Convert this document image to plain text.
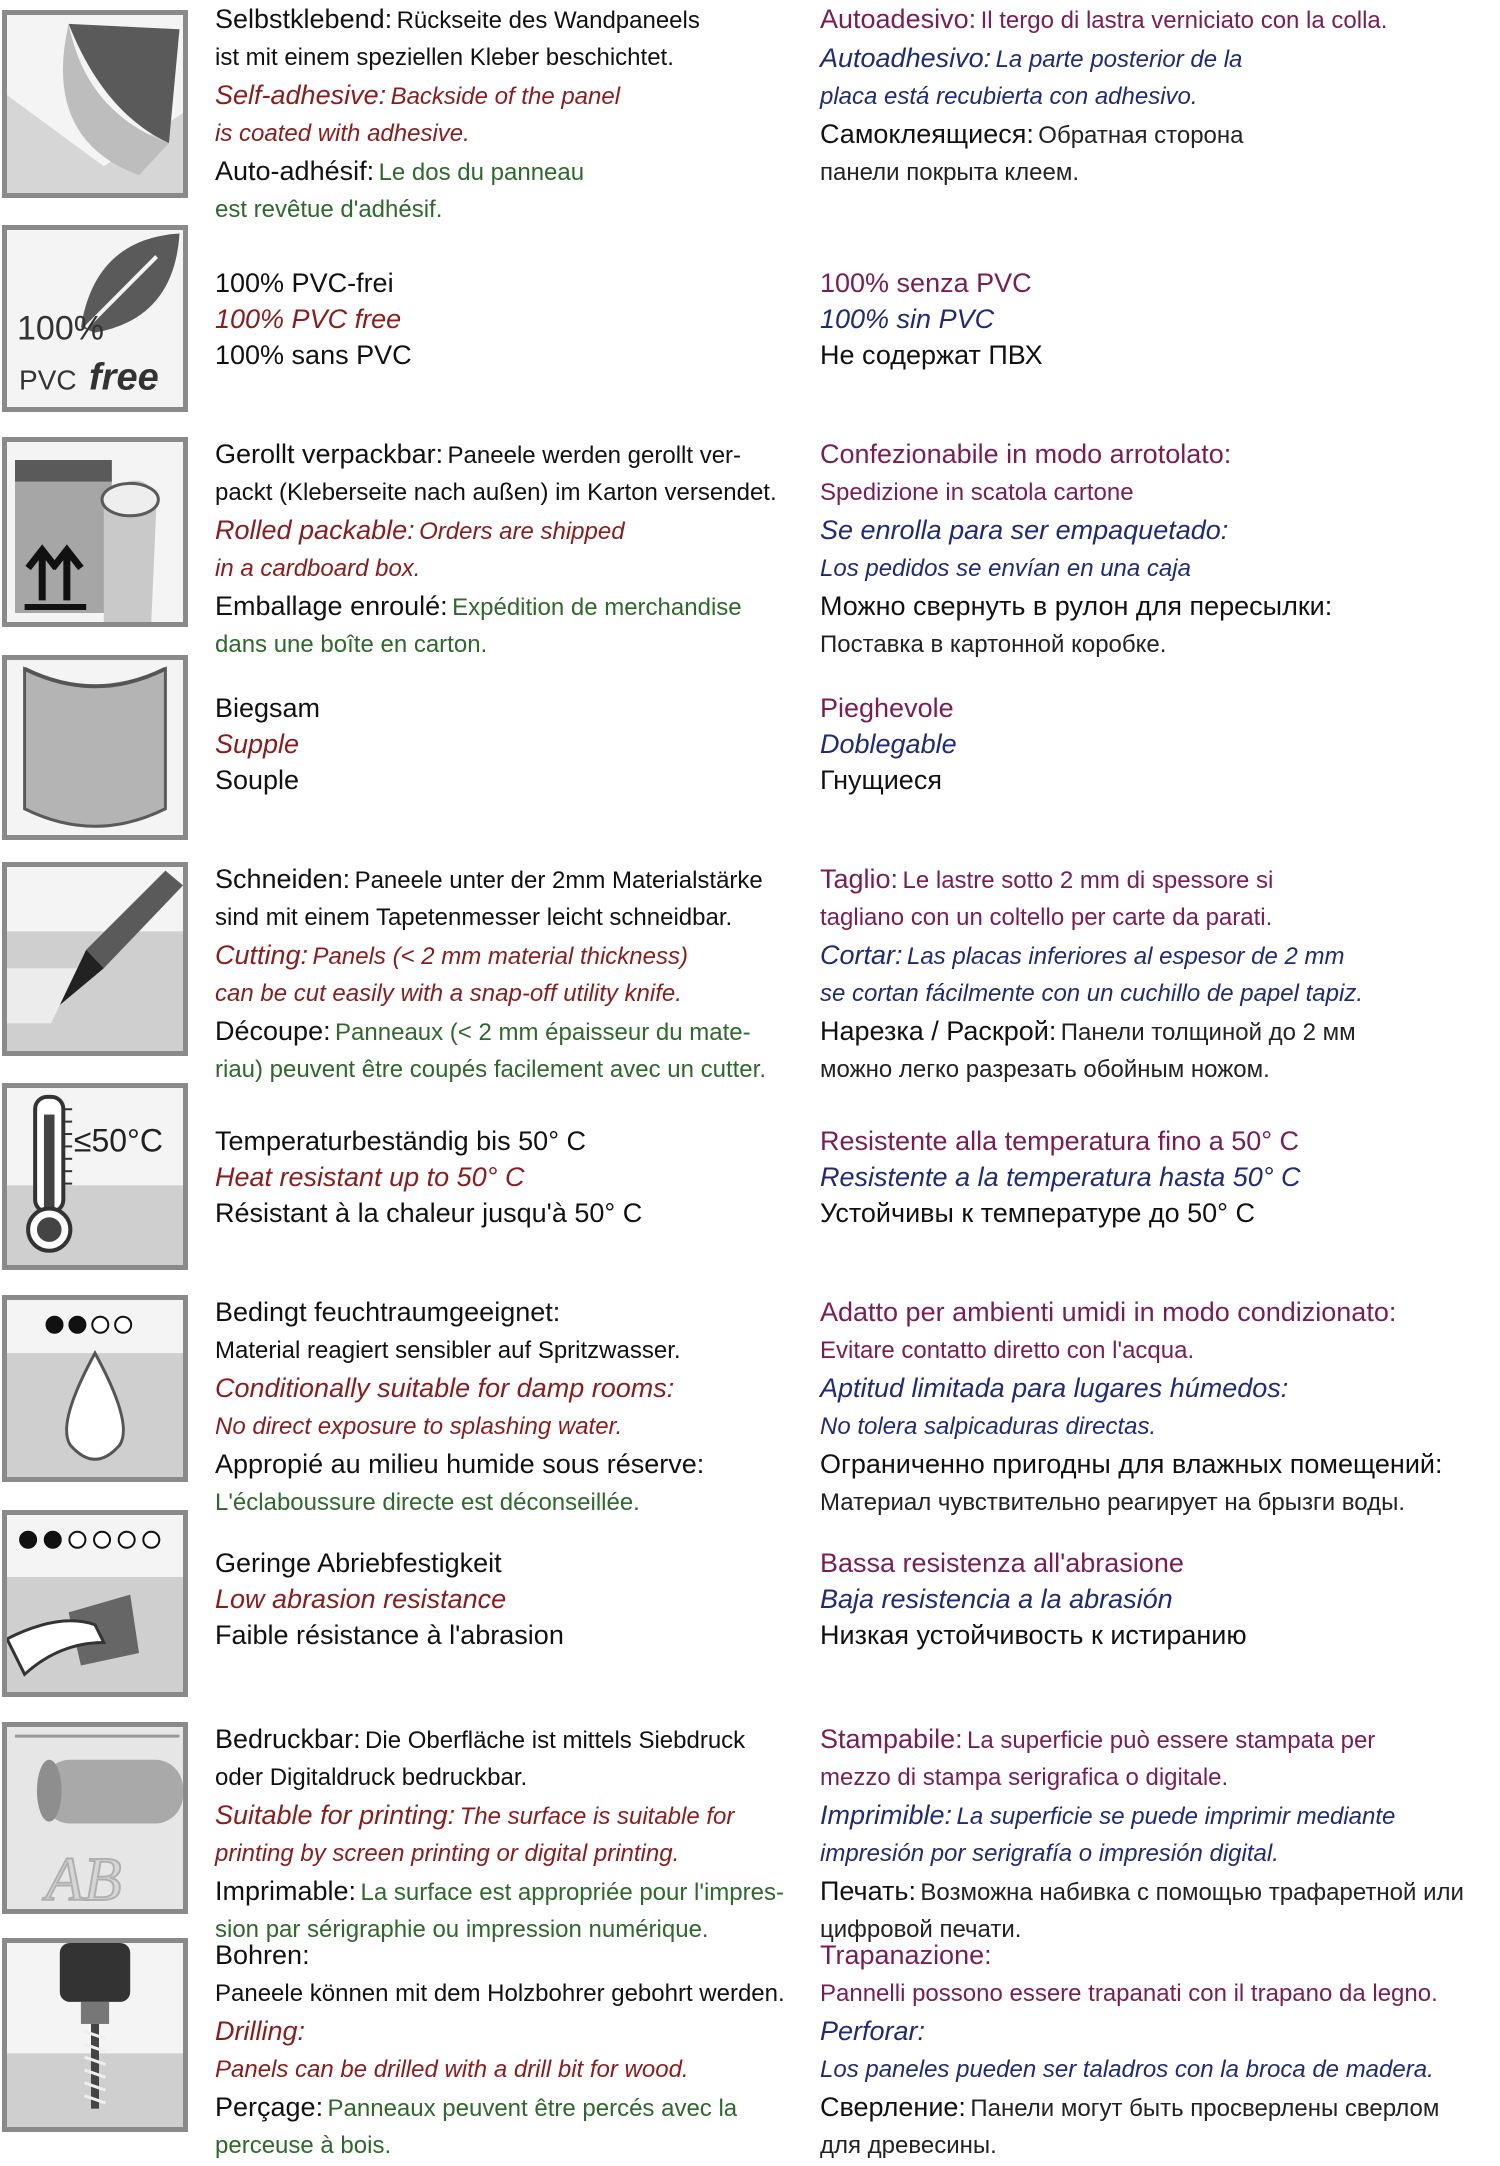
Selbstklebend: Rückseite des Wandpaneels
ist mit einem speziellen Kleber beschichtet.
Self-adhesive: Backside of the panel
is coated with adhesive.
Auto-adhésif: Le dos du panneau
est revêtue d'adhésif.
Autoadesivo: Il tergo di lastra verniciato con la colla.
Autoadhesivo: La parte posterior de la
placa está recubierta con adhesivo.
Самоклеящиеся: Обратная сторона
панели покрыта клеем.
100%
PVC free
100% PVC-frei
100% PVC free
100% sans PVC
100% senza PVC
100% sin PVC
Не содержат ПВХ
Gerollt verpackbar: Paneele werden gerollt ver-
packt (Kleberseite nach außen) im Karton versendet.
Rolled packable: Orders are shipped
in a cardboard box.
Emballage enroulé: Expédition de merchandise
dans une boîte en carton.
Confezionabile in modo arrotolato:
Spedizione in scatola cartone
Se enrolla para ser empaquetado:
Los pedidos se envían en una caja
Можно свернуть в рулон для пересылки:
Поставка в картонной коробке.
Biegsam
Supple
Souple
Pieghevole
Doblegable
Гнущиеся
Schneiden: Paneele unter der 2mm Materialstärke
sind mit einem Tapetenmesser leicht schneidbar.
Cutting: Panels (< 2 mm material thickness)
can be cut easily with a snap-off utility knife.
Découpe: Panneaux (< 2 mm épaisseur du mate-
riau) peuvent être coupés facilement avec un cutter.
Taglio: Le lastre sotto 2 mm di spessore si
tagliano con un coltello per carte da parati.
Cortar: Las placas inferiores al espesor de 2 mm
se cortan fácilmente con un cuchillo de papel tapiz.
Нарезка / Раскрой: Панели толщиной до 2 мм
можно легко разрезать обойным ножом.
≤50°C Temperaturbeständig bis 50° C
Heat resistant up to 50° C
Résistant à la chaleur jusqu'à 50° C
Resistente alla temperatura fino a 50° C
Resistente a la temperatura hasta 50° C
Устойчивы к температуре до 50° C
Bedingt feuchtraumgeeignet:
Material reagiert sensibler auf Spritzwasser.
Conditionally suitable for damp rooms:
No direct exposure to splashing water.
Appropié au milieu humide sous réserve:
L'éclaboussure directe est déconseillée.
Adatto per ambienti umidi in modo condizionato:
Evitare contatto diretto con l'acqua.
Aptitud limitada para lugares húmedos:
No tolera salpicaduras directas.
Ограниченно пригодны для влажных помещений:
Материал чувствительно реагирует на брызги воды.
Geringe Abriebfestigkeit
Low abrasion resistance
Faible résistance à l'abrasion
Bassa resistenza all'abrasione
Baja resistencia a la abrasión
Низкая устойчивость к истиранию
AB
Bedruckbar: Die Oberfläche ist mittels Siebdruck
oder Digitaldruck bedruckbar.
Suitable for printing: The surface is suitable for
printing by screen printing or digital printing.
Imprimable: La surface est appropriée pour l'impres-
sion par sérigraphie ou impression numérique.
Stampabile: La superficie può essere stampata per
mezzo di stampa serigrafica o digitale.
Imprimible: La superficie se puede imprimir mediante
impresión por serigrafía o impresión digital.
Печать: Возможна набивка с помощью трафаретной или
цифровой печати.
Bohren:
Paneele können mit dem Holzbohrer gebohrt werden.
Drilling:
Panels can be drilled with a drill bit for wood.
Perçage: Panneaux peuvent être percés avec la
perceuse à bois.
Trapanazione:
Pannelli possono essere trapanati con il trapano da legno.
Perforar:
Los paneles pueden ser taladros con la broca de madera.
Сверление: Панели могут быть просверлены сверлом
для древесины.
